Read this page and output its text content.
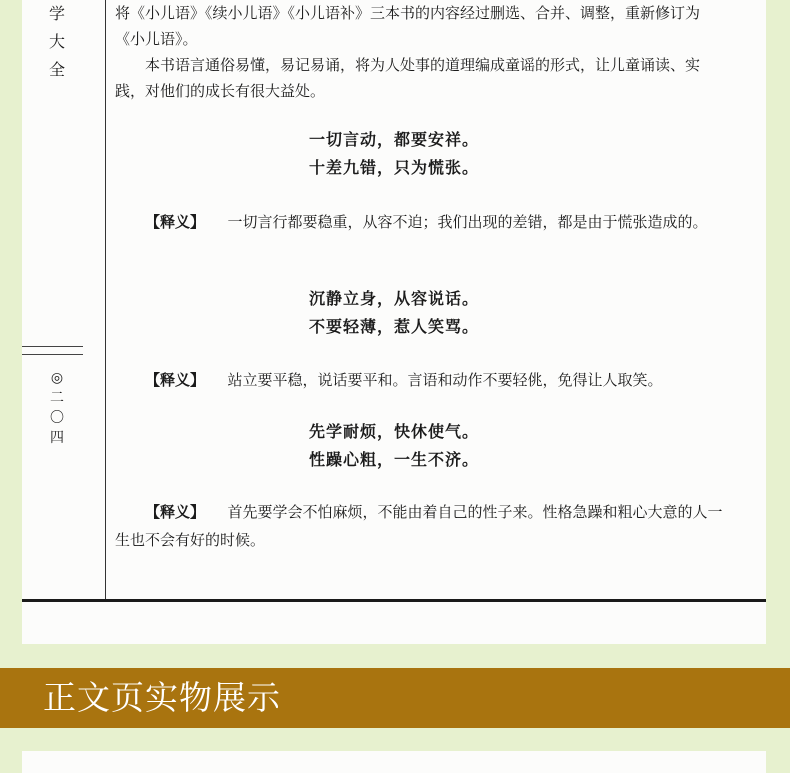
学大全
◎二〇四

将《小儿语》《续小儿语》《小儿语补》三本书的内容经过删选、合并、调整，重新修订为《小儿语》。

本书语言通俗易懂，易记易诵，将为人处事的道理编成童谣的形式，让儿童诵读、实践，对他们的成长有很大益处。

一切言动，都要安祥。
十差九错，只为慌张。
【释义】 一切言行都要稳重，从容不迫；我们出现的差错，都是由于慌张造成的。
沉静立身，从容说话。
不要轻薄，惹人笑骂。
【释义】 站立要平稳，说话要平和。言语和动作不要轻佻，免得让人取笑。
先学耐烦，快休使气。
性躁心粗，一生不济。
【释义】 首先要学会不怕麻烦，不能由着自己的性子来。性格急躁和粗心大意的人一生也不会有好的时候。
正文页实物展示
